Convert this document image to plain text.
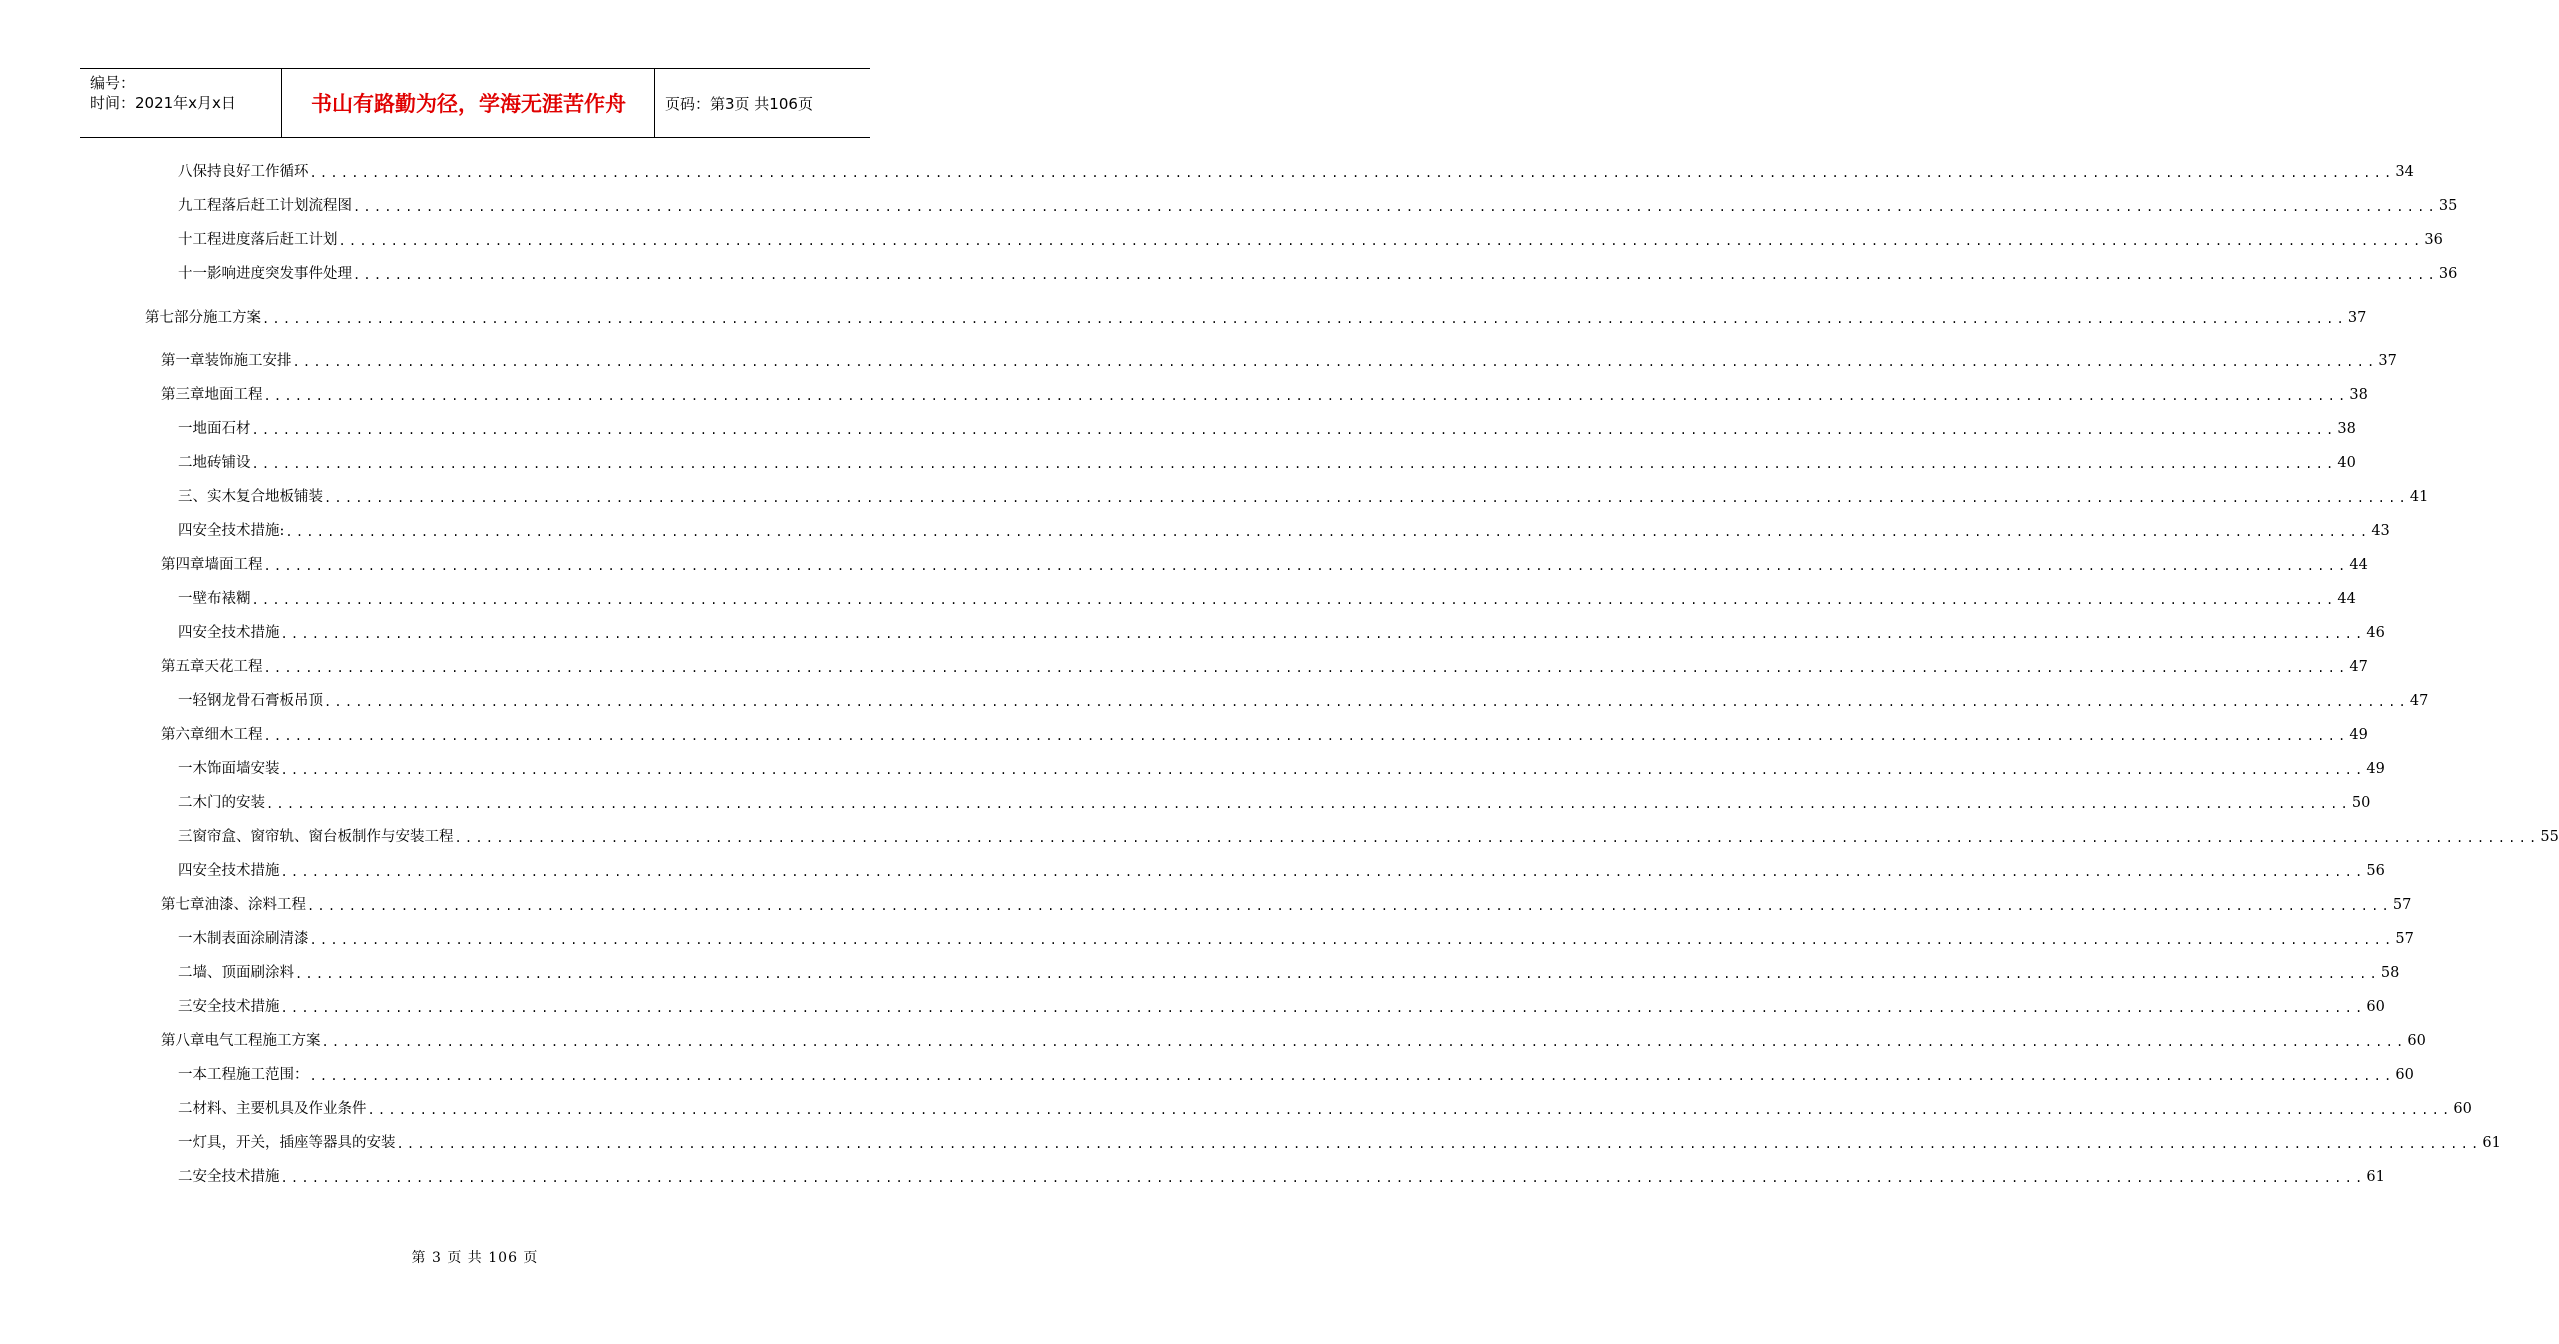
编号：
时间：2021年x月x日	书山有路勤为径，学海无涯苦作舟	页码：第3页 共106页
八 保持良好工作循环 ........................................................................................................................................................................................................ 34
九 工程落后赶工计划流程图 ........................................................................................................................................................................................................ 35
十 工程进度落后赶工计划 ........................................................................................................................................................................................................ 36
十一 影响进度突发事件处理 ........................................................................................................................................................................................................ 36
第七部分 施工方案 ........................................................................................................................................................................................................ 37
第一章 装饰施工安排 ........................................................................................................................................................................................................ 37
第三章 地面工程 ........................................................................................................................................................................................................ 38
一 地面石材 ........................................................................................................................................................................................................ 38
二 地砖铺设 ........................................................................................................................................................................................................ 40
三、实木复合地板铺装 ........................................................................................................................................................................................................ 41
四 安全技术措施: ........................................................................................................................................................................................................ 43
第四章 墙面工程 ........................................................................................................................................................................................................ 44
一 壁布裱糊 ........................................................................................................................................................................................................ 44
四 安全技术措施 ........................................................................................................................................................................................................ 46
第五章 天花工程 ........................................................................................................................................................................................................ 47
一 轻钢龙骨石膏板吊顶 ........................................................................................................................................................................................................ 47
第六章 细木工程 ........................................................................................................................................................................................................ 49
一 木饰面墙安装 ........................................................................................................................................................................................................ 49
二 木门的安装 ........................................................................................................................................................................................................ 50
三 窗帘盒、窗帘轨、窗台板制作与安装工程 ........................................................................................................................................................................................................ 55
四 安全技术措施 ........................................................................................................................................................................................................ 56
第七章 油漆、涂料工程 ........................................................................................................................................................................................................ 57
一 木制表面涂刷清漆 ........................................................................................................................................................................................................ 57
二 墙、顶面刷涂料 ........................................................................................................................................................................................................ 58
三 安全技术措施 ........................................................................................................................................................................................................ 60
第八章 电气工程施工方案 ........................................................................................................................................................................................................ 60
一 本工程施工范围： ........................................................................................................................................................................................................ 60
二 材料、主要机具及作业条件 ........................................................................................................................................................................................................ 60
一 灯具，开关，插座等器具的安装 ........................................................................................................................................................................................................ 61
二 安全技术措施 ........................................................................................................................................................................................................ 61
第 3 页 共 106 页
